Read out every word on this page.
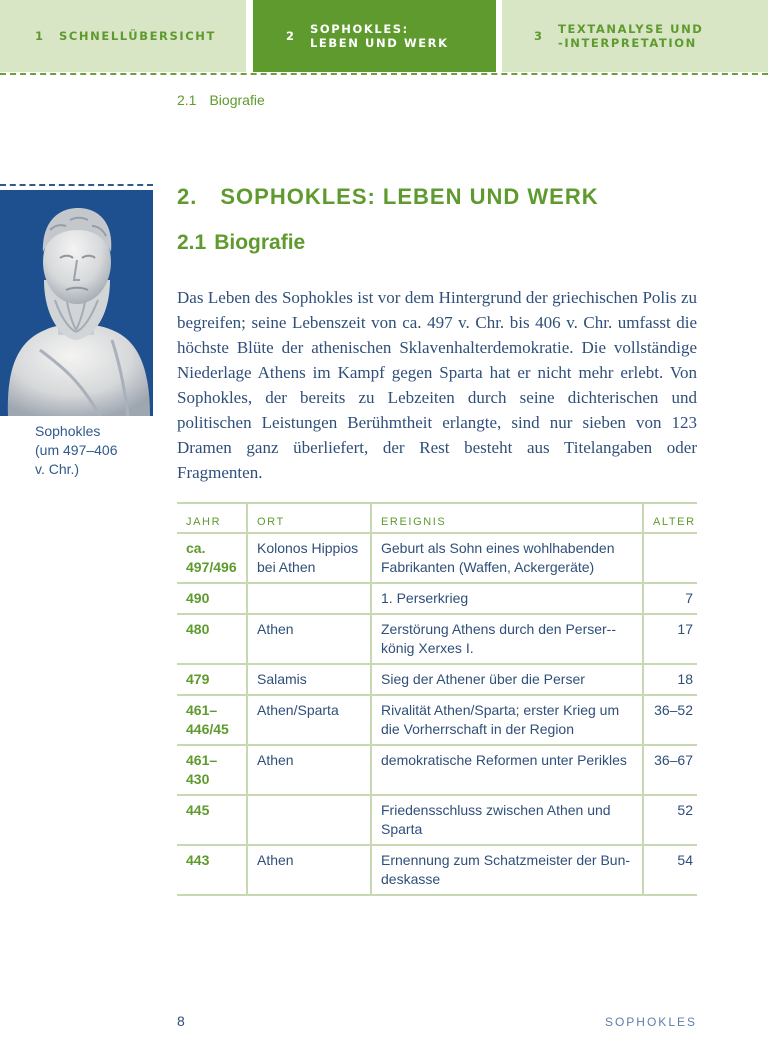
1	SCHNELLÜBERSICHT	2	SOPHOKLES:
LEBEN UND WERK	3	TEXTANALYSE UND
-INTERPRETATION
2.1 Biografie
Sophokles
(um 497–406
v. Chr.)
2. SOPHOKLES: LEBEN UND WERK
2.1 Biografie

Das Leben des Sophokles ist vor dem Hintergrund der griechischen Polis zu begreifen; seine Lebenszeit von ca. 497 v. Chr. bis 406 v. Chr. umfasst die höchste Blüte der athenischen Sklavenhalterdemokratie. Die vollständige Niederlage Athens im Kampf gegen Sparta hat er nicht mehr erlebt. Von Sophokles, der bereits zu Lebzeiten durch seine dichterischen und politischen Leistungen Berühmtheit erlangte, sind nur sieben von 123 Dramen ganz überliefert, der Rest besteht aus Titelangaben oder Fragmenten.

JAHR	ORT	EREIGNIS	ALTER
ca. 497/496	Kolonos Hippios bei Athen	Geburt als Sohn eines wohlhabenden Fabrikanten (Waffen, Ackergeräte)	
490		1. Perserkrieg	7
480	Athen	Zerstörung Athens durch den Perser-könig Xerxes I.	17
479	Salamis	Sieg der Athener über die Perser	18
461–446/45	Athen/Sparta	Rivalität Athen/Sparta; erster Krieg um die Vorherrschaft in der Region	36–52
461–430	Athen	demokratische Reformen unter Perikles	36–67
445		Friedensschluss zwischen Athen und Sparta	52
443	Athen	Ernennung zum Schatzmeister der Bundeskasse	54
8	SOPHOKLES
